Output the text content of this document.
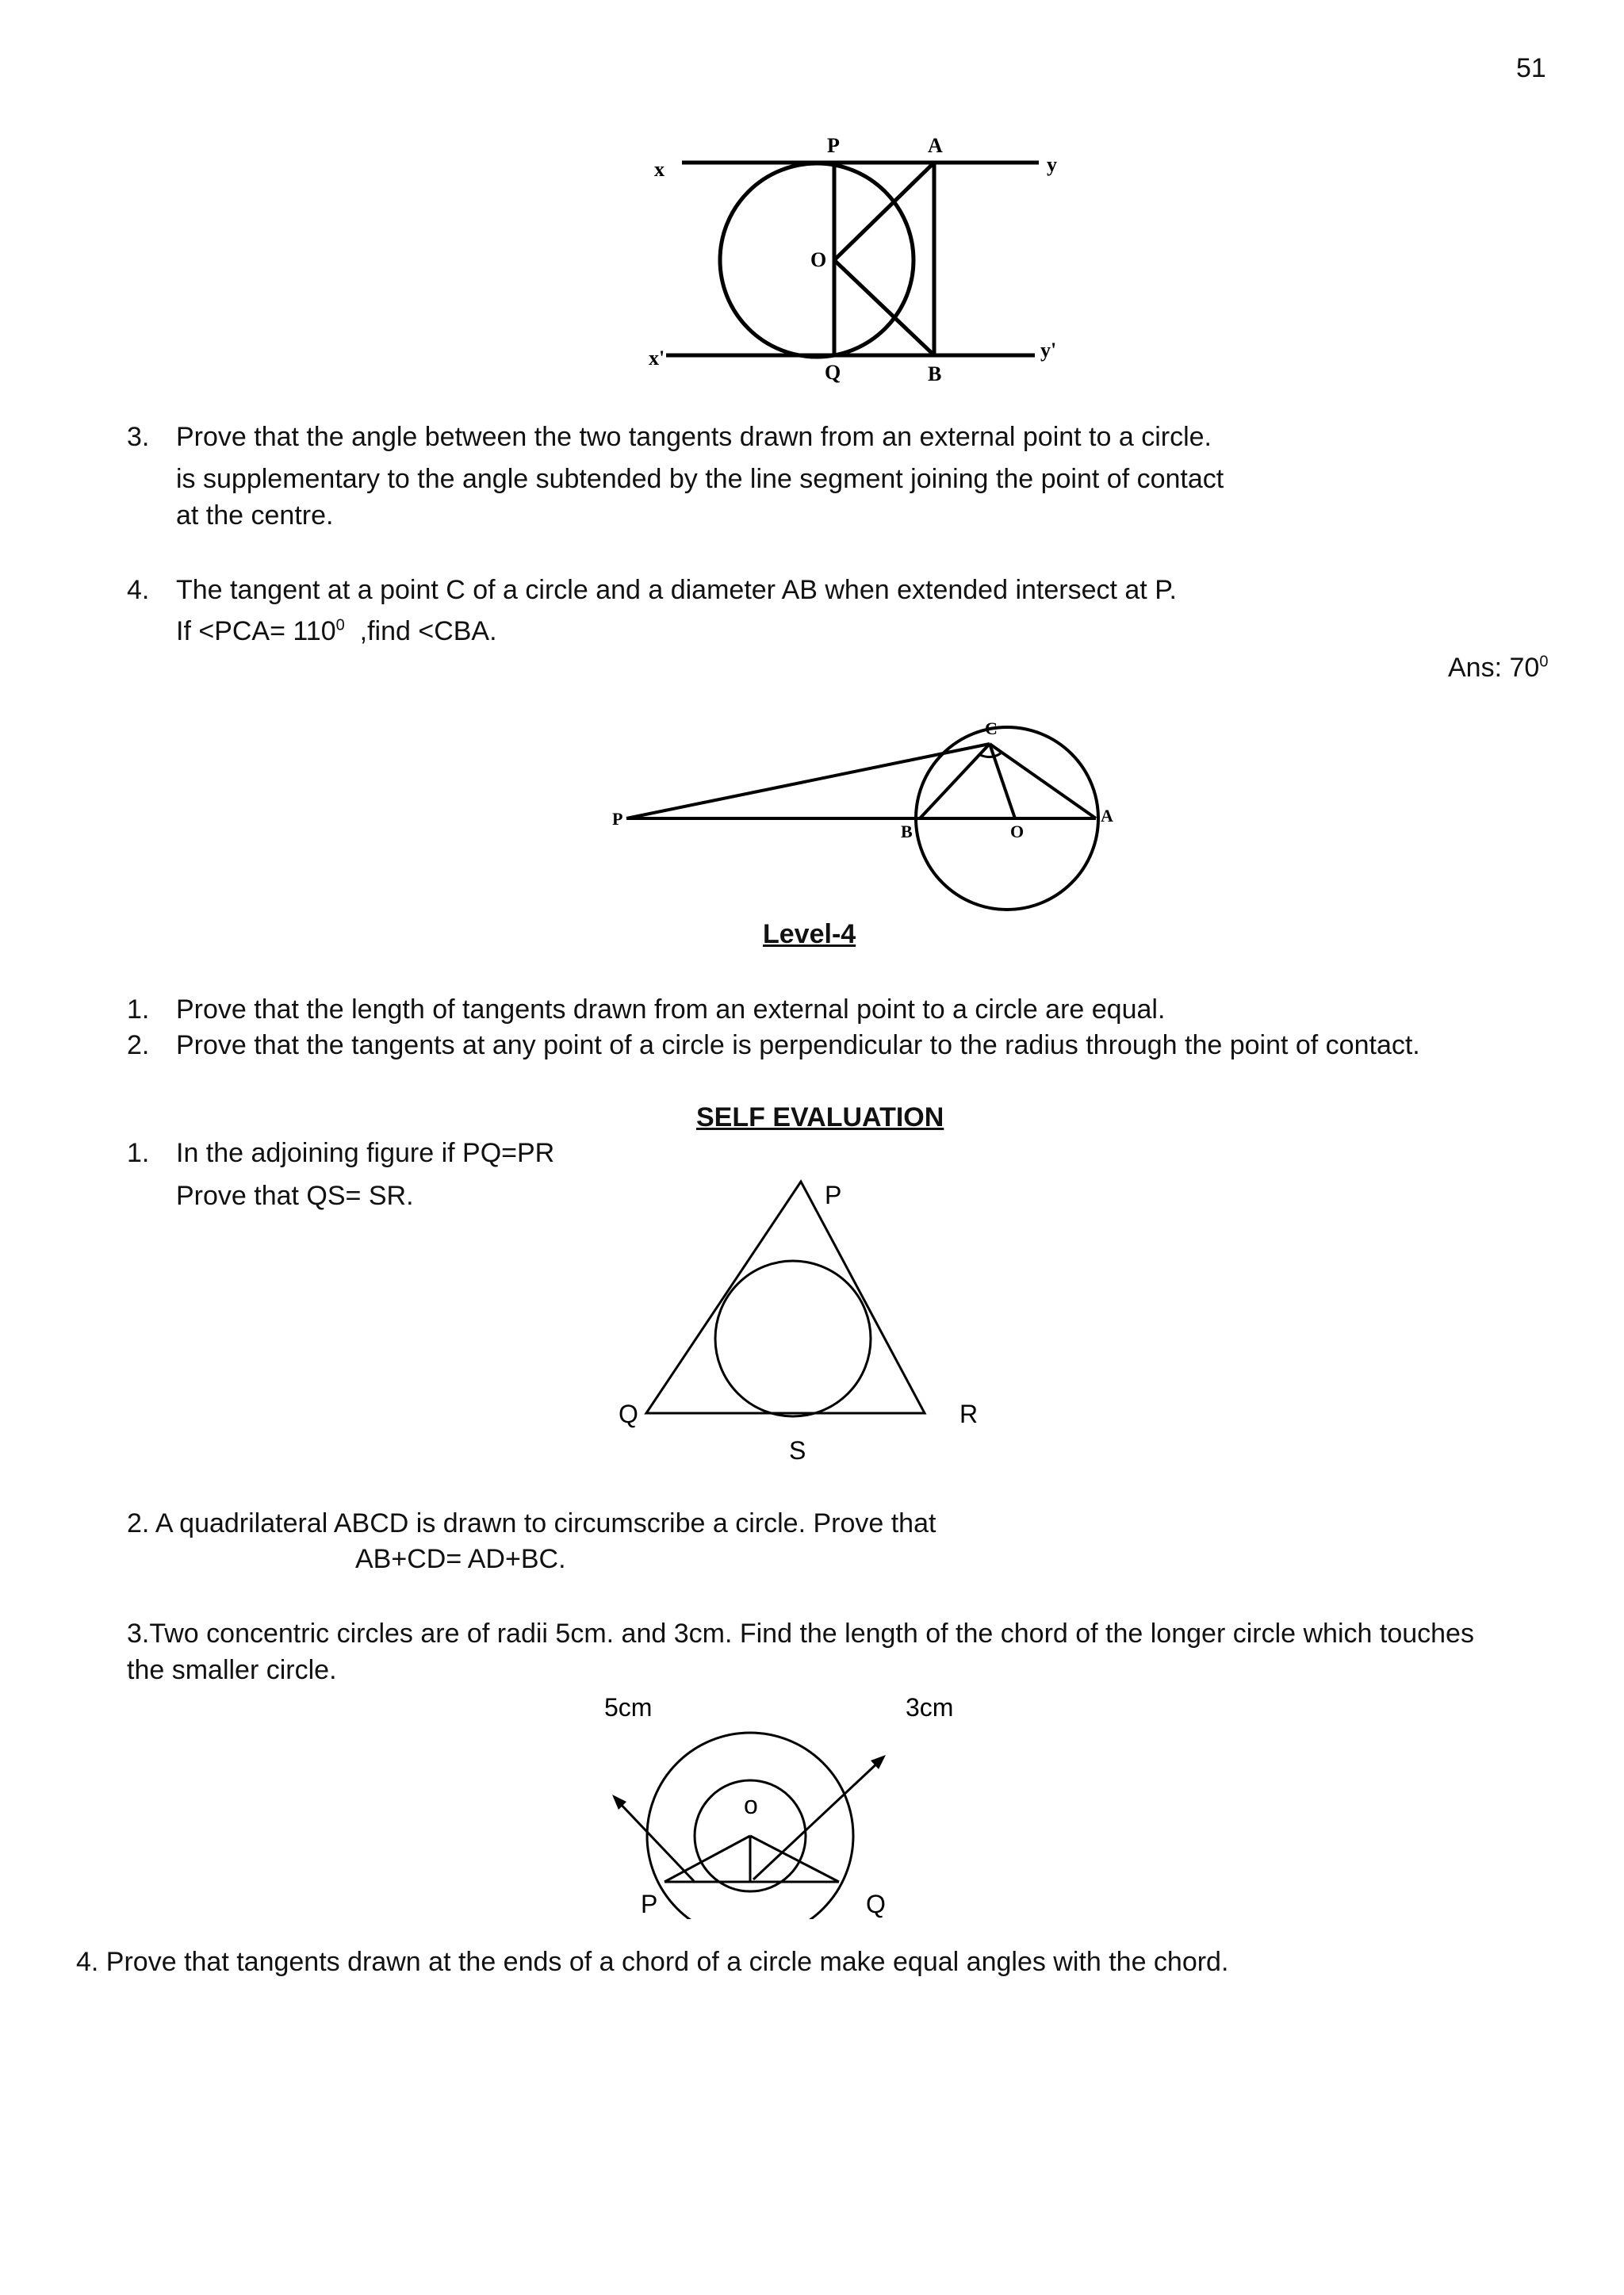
51
x
P	A
y
O
x'
Q	B
y'
3. Prove that the angle between the two tangents drawn from an external point to a circle.
is supplementary to the angle subtended by the line segment joining the point of contact
at the centre.
4. The tangent at a point C of a circle and a diameter AB when extended intersect at P.
$If <PCA= 110^0$  ,find <CBA.
Ans: $70^0$
P
C
B	O
A
Level-4
1. Prove that the length of tangents drawn from an external point to a circle are equal.
2. Prove that the tangents at any point of a circle is perpendicular to the radius through the point of contact.
SELF EVALUATION
1. In the adjoining figure if PQ=PR
Prove that QS= SR.	P
Q	R
S
2. A quadrilateral ABCD is drawn to circumscribe a circle. Prove that
AB+CD= AD+BC.
3.Two concentric circles are of radii 5cm. and 3cm. Find the length of the chord of the longer circle which touches
the smaller circle.
5cm	3cm
o
P	Q
4. Prove that tangents drawn at the ends of a chord of a circle make equal angles with the chord.
